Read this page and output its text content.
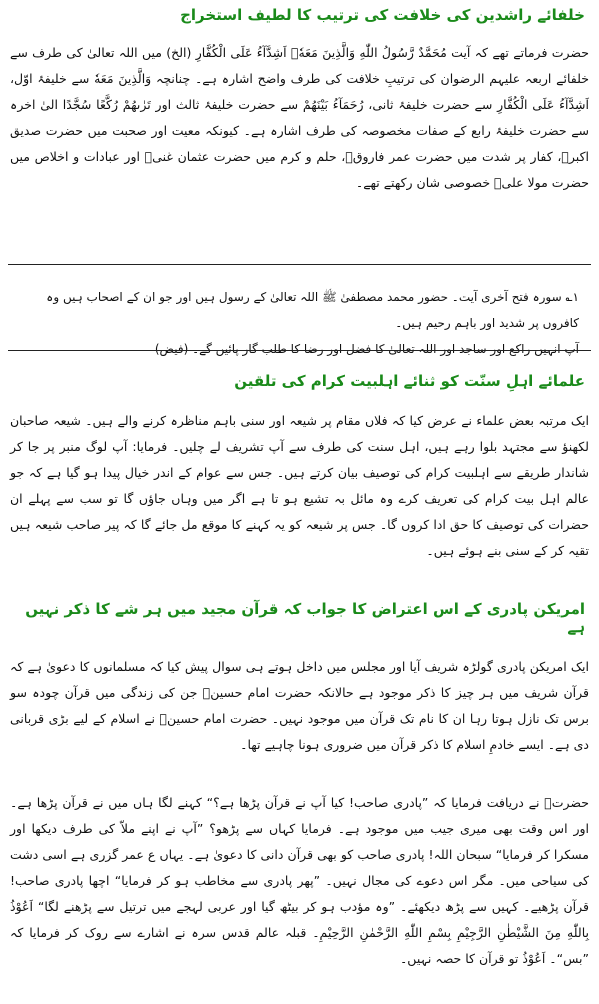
خلفائے راشدین کی خلافت کی ترتیب کا لطیف استخراج

حضرت فرماتے تھے کہ آیت مُحَمَّدٌ رَّسُولُ اللّٰهِ وَالَّذِينَ مَعَهٗۤ اَشِدَّآءُ عَلَى الْكُفَّارِ (الخ) میں اللہ تعالیٰ کی طرف سے خلفائے اربعہ علیہم الرضوان کی ترتیبِ خلافت کی طرف واضح اشارہ ہے۔ چنانچہ وَالَّذِينَ مَعَهٗ سے خلیفۂ اوّل، اَشِدَّآءُ عَلَى الْكُفَّارِ سے حضرت خلیفۂ ثانی، رُحَمَآءُ بَيْنَهُمْ سے حضرت خلیفۂ ثالث اور تَرٰىهُمْ رُكَّعًا سُجَّدًا الیٰ اخرہ سے حضرت خلیفۂ رابع کے صفات مخصوصہ کی طرف اشارہ ہے۔ کیونکہ معیت اور صحبت میں حضرت صدیق اکبرؓ، کفار پر شدت میں حضرت عمر فاروقؓ، حلم و کرم میں حضرت عثمان غنیؓ اور عبادات و اخلاص میں حضرت مولا علیؓ خصوصی شان رکھتے تھے۔

۱؎ سورہ فتح آخری آیت۔ حضور محمد مصطفیٰ ﷺ اللہ تعالیٰ کے رسول ہیں اور جو ان کے اصحاب ہیں وہ کافروں پر شدید اور باہم رحیم ہیں۔

آپ انہیں راکع اور ساجد اور اللہ تعالیٰ کا فضل اور رضا کا طلب گار پائیں گے۔ (فیض)

علمائے اہلِ سنّت کو ثنائے اہلبیت کرام کی تلقین

ایک مرتبہ بعض علماء نے عرض کیا کہ فلاں مقام پر شیعہ اور سنی باہم مناظرہ کرنے والے ہیں۔ شیعہ صاحبان لکھنؤ سے مجتہد بلوا رہے ہیں، اہل سنت کی طرف سے آپ تشریف لے چلیں۔ فرمایا: آپ لوگ منبر پر جا کر شاندار طریقے سے اہلبیت کرام کی توصیف بیان کرتے ہیں۔ جس سے عوام کے اندر خیال پیدا ہو گیا ہے کہ جو عالم اہل بیت کرام کی تعریف کرے وہ مائل بہ تشیع ہو تا ہے اگر میں وہاں جاؤں گا تو سب سے پہلے ان حضرات کی توصیف کا حق ادا کروں گا۔ جس پر شیعہ کو یہ کہنے کا موقع مل جائے گا کہ پیر صاحب شیعہ ہیں تقیہ کر کے سنی بنے ہوئے ہیں۔

امریکن پادری کے اس اعتراض کا جواب کہ قرآن مجید میں ہر شے کا ذکر نہیں ہے

ایک امریکن پادری گولڑہ شریف آیا اور مجلس میں داخل ہوتے ہی سوال پیش کیا کہ مسلمانوں کا دعویٰ ہے کہ قرآن شریف میں ہر چیز کا ذکر موجود ہے حالانکہ حضرت امام حسینؓ جن کی زندگی میں قرآن چودہ سو برس تک نازل ہوتا رہا ان کا نام تک قرآن میں موجود نہیں۔ حضرت امام حسینؓ نے اسلام کے لیے بڑی قربانی دی ہے۔ ایسے خادمِ اسلام کا ذکر قرآن میں ضروری ہونا چاہیے تھا۔

حضرتؒ نے دریافت فرمایا کہ ”پادری صاحب! کیا آپ نے قرآن پڑھا ہے؟“ کہنے لگا ہاں میں نے قرآن پڑھا ہے۔ اور اس وقت بھی میری جیب میں موجود ہے۔ فرمایا کہاں سے پڑھو؟ ”آپ نے اپنے ملاّ کی طرف دیکھا اور مسکرا کر فرمایا“ سبحان اللہ! پادری صاحب کو بھی قرآن دانی کا دعویٰ ہے۔ یہاں ع عمر گزری ہے اسی دشت کی سیاحی میں۔ مگر اس دعوے کی مجال نہیں۔ ”پھر پادری سے مخاطب ہو کر فرمایا“ اچھا پادری صاحب! قرآن پڑھیے۔ کہیں سے پڑھ دیکھئے۔ ”وہ مؤدب ہو کر بیٹھ گیا اور عربی لہجے میں ترتیل سے پڑھنے لگا“ اَعُوْذُ بِاللّٰهِ مِنَ الشَّيْطٰنِ الرَّجِيْمِ بِسْمِ اللّٰهِ الرَّحْمٰنِ الرَّحِيْمِ۔ قبلہ عالم قدس سرہ نے اشارے سے روک کر فرمایا کہ ”بس“۔ اَعُوْذُ تو قرآن کا حصہ نہیں۔
